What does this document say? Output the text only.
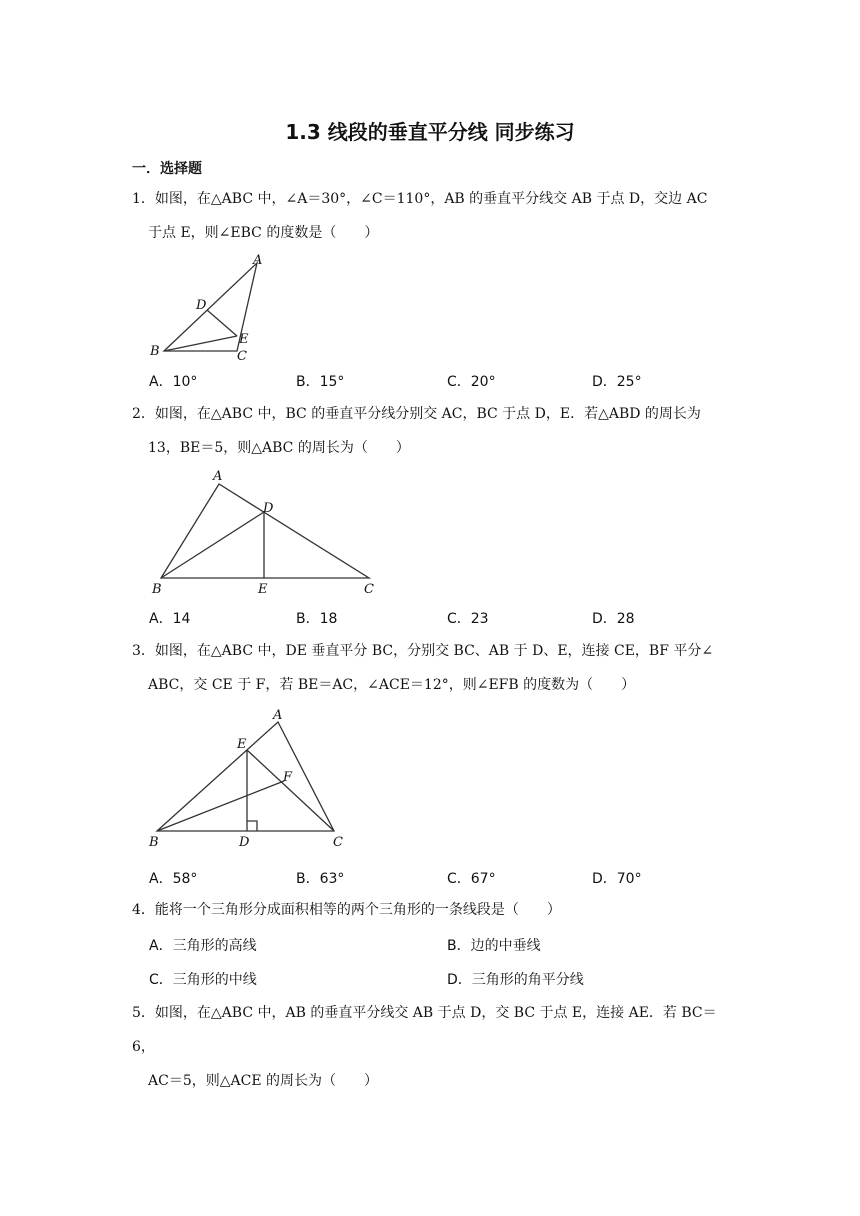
1.3 线段的垂直平分线 同步练习
一．选择题
1．如图，在△ABC 中，∠A＝30°，∠C＝110°，AB 的垂直平分线交 AB 于点 D，交边 AC
于点 E，则∠EBC 的度数是（　　）
A
D
E
B	C
A．10°	B．15°	C．20°	D．25°
2．如图，在△ABC 中，BC 的垂直平分线分别交 AC，BC 于点 D，E．若△ABD 的周长为
13，BE＝5，则△ABC 的周长为（　　）
A
D
B	E	C
A．14	B．18	C．23	D．28
3．如图，在△ABC 中，DE 垂直平分 BC，分别交 BC、AB 于 D、E，连接 CE，BF 平分∠
ABC，交 CE 于 F，若 BE＝AC，∠ACE＝12°，则∠EFB 的度数为（　　）
A
E
F
B	D	C
A．58°	B．63°	C．67°	D．70°
4．能将一个三角形分成面积相等的两个三角形的一条线段是（　　）
A．三角形的高线	B．边的中垂线
C．三角形的中线	D．三角形的角平分线
5．如图，在△ABC 中，AB 的垂直平分线交 AB 于点 D，交 BC 于点 E，连接 AE．若 BC＝6，
AC＝5，则△ACE 的周长为（　　）
